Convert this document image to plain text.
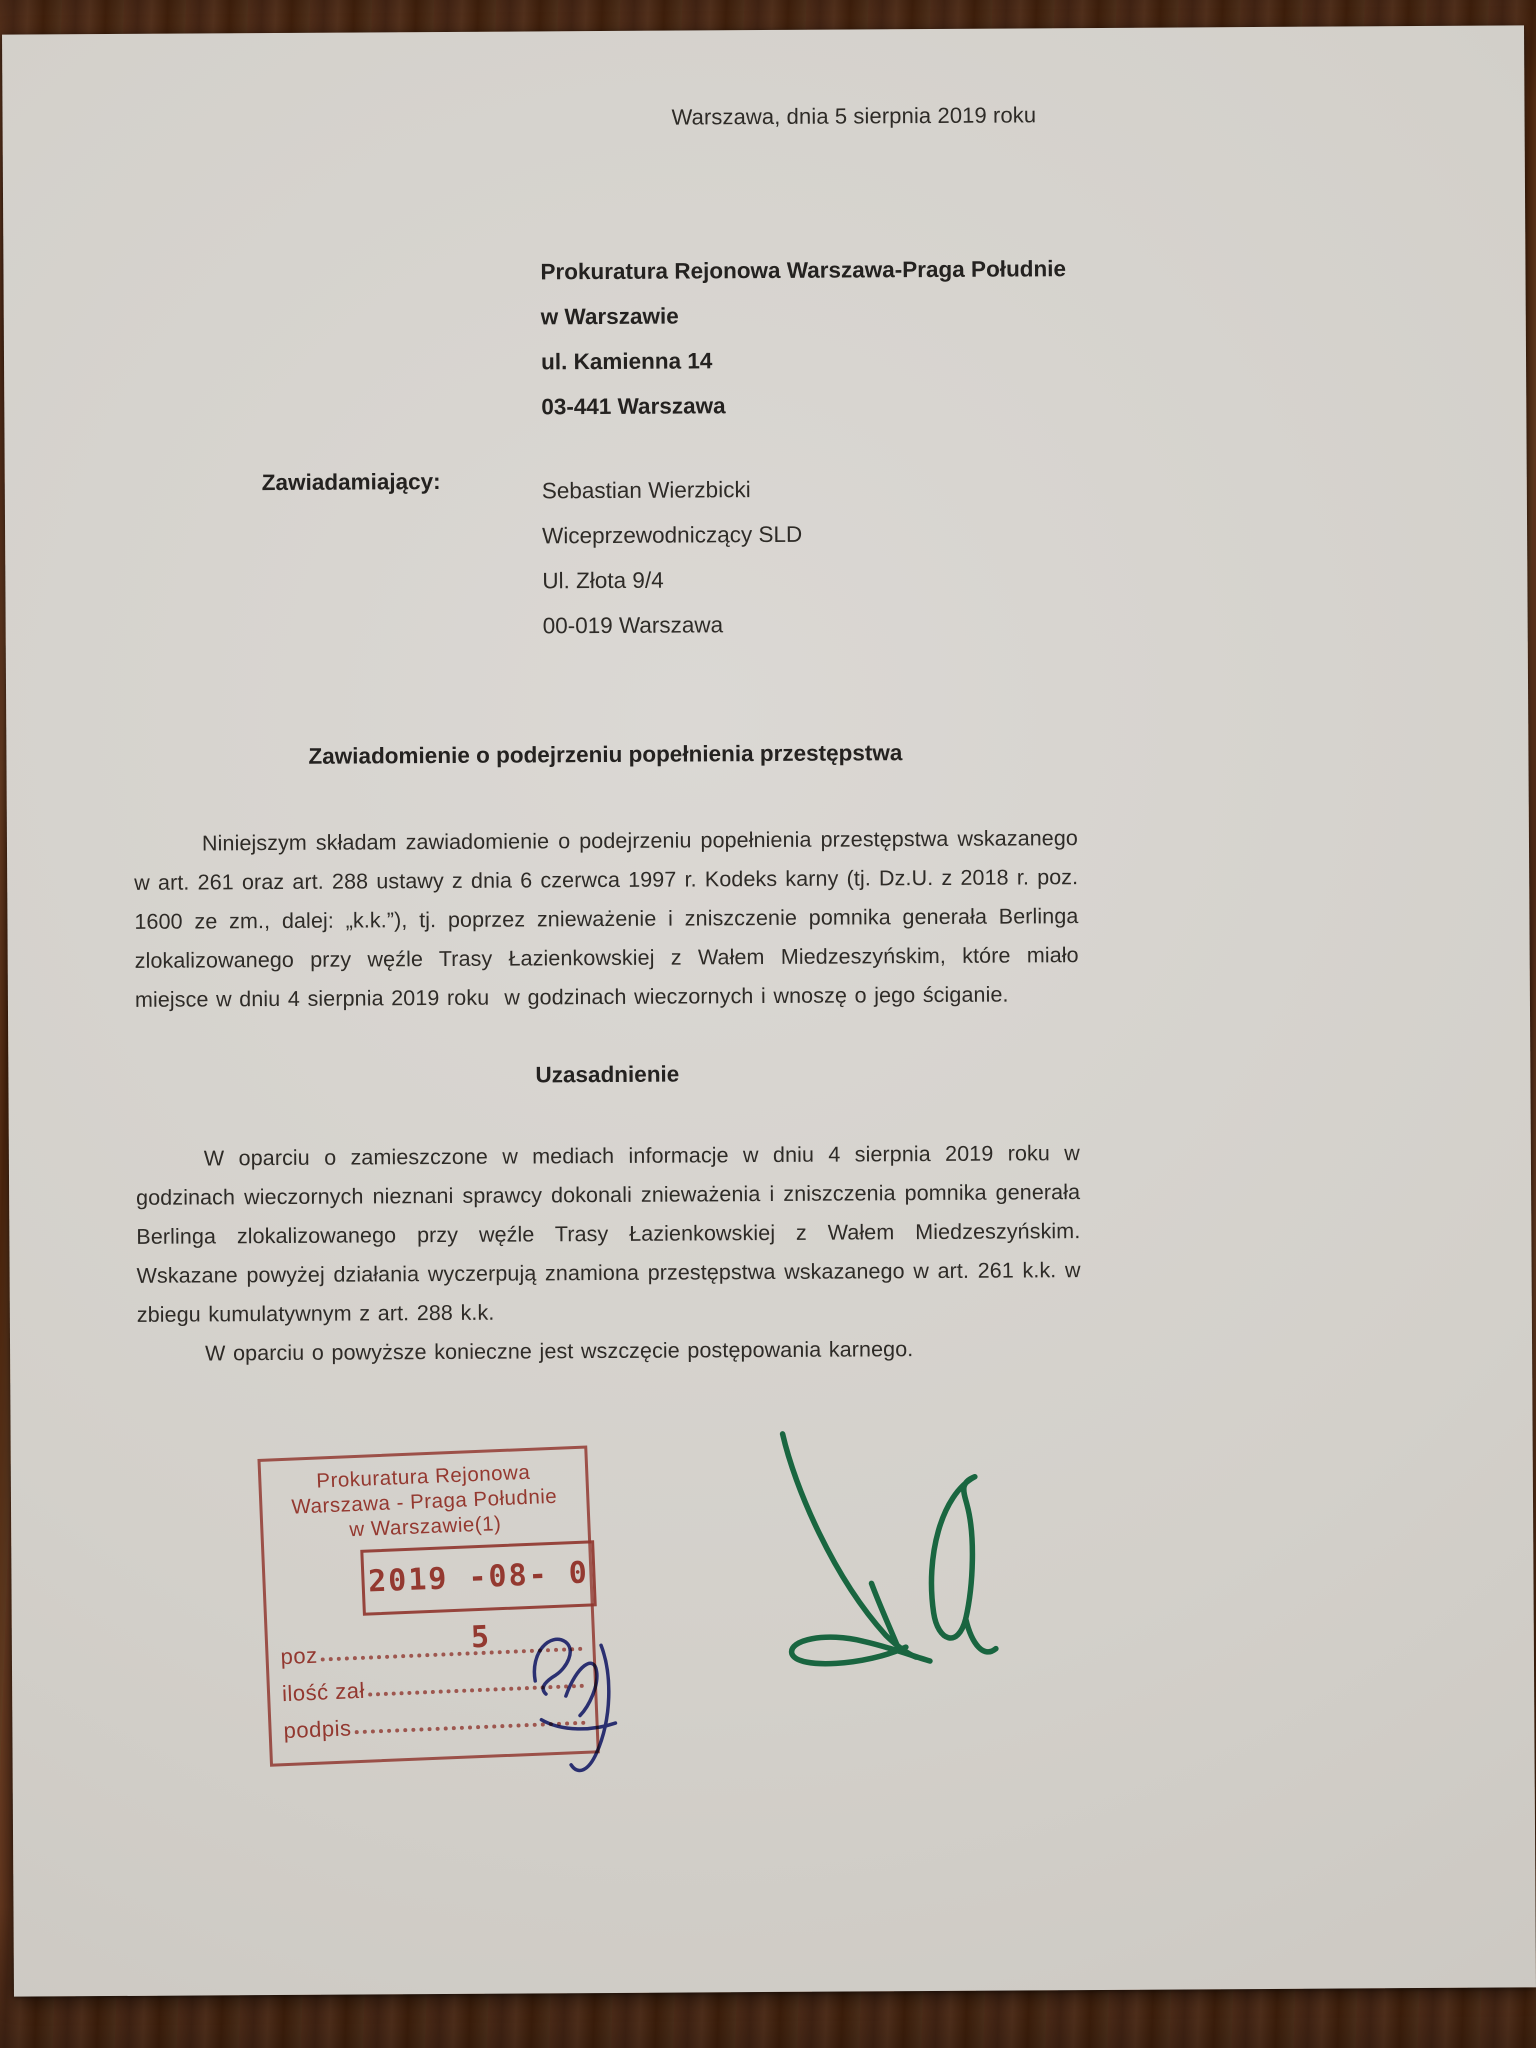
Warszawa, dnia 5 sierpnia 2019 roku
Prokuratura Rejonowa Warszawa-Praga Południe
w Warszawie
ul. Kamienna 14
03-441 Warszawa
Zawiadamiający:	Sebastian Wierzbicki
Wiceprzewodniczący SLD
Ul. Złota 9/4
00-019 Warszawa
Zawiadomienie o podejrzeniu popełnienia przestępstwa
Niniejszym składam zawiadomienie o podejrzeniu popełnienia przestępstwa wskazanego w art. 261 oraz art. 288 ustawy z dnia 6 czerwca 1997 r. Kodeks karny (tj. Dz.U. z 2018 r. poz. 1600 ze zm., dalej: „k.k.”), tj. poprzez znieważenie i zniszczenie pomnika generała Berlinga zlokalizowanego przy węźle Trasy Łazienkowskiej z Wałem Miedzeszyńskim, które miało miejsce w dniu 4 sierpnia 2019 roku  w godzinach wieczornych i wnoszę o jego ściganie.
Uzasadnienie
W oparciu o zamieszczone w mediach informacje w dniu 4 sierpnia 2019 roku w godzinach wieczornych nieznani sprawcy dokonali znieważenia i zniszczenia pomnika generała Berlinga zlokalizowanego przy węźle Trasy Łazienkowskiej z Wałem Miedzeszyńskim. Wskazane powyżej działania wyczerpują znamiona przestępstwa wskazanego w art. 261 k.k. w zbiegu kumulatywnym z art. 288 k.k.
W oparciu o powyższe konieczne jest wszczęcie postępowania karnego.
Prokuratura Rejonowa
Warszawa - Praga Południe
w Warszawie(1)
2019 -08- 0 5
poz
ilość zał
podpis
